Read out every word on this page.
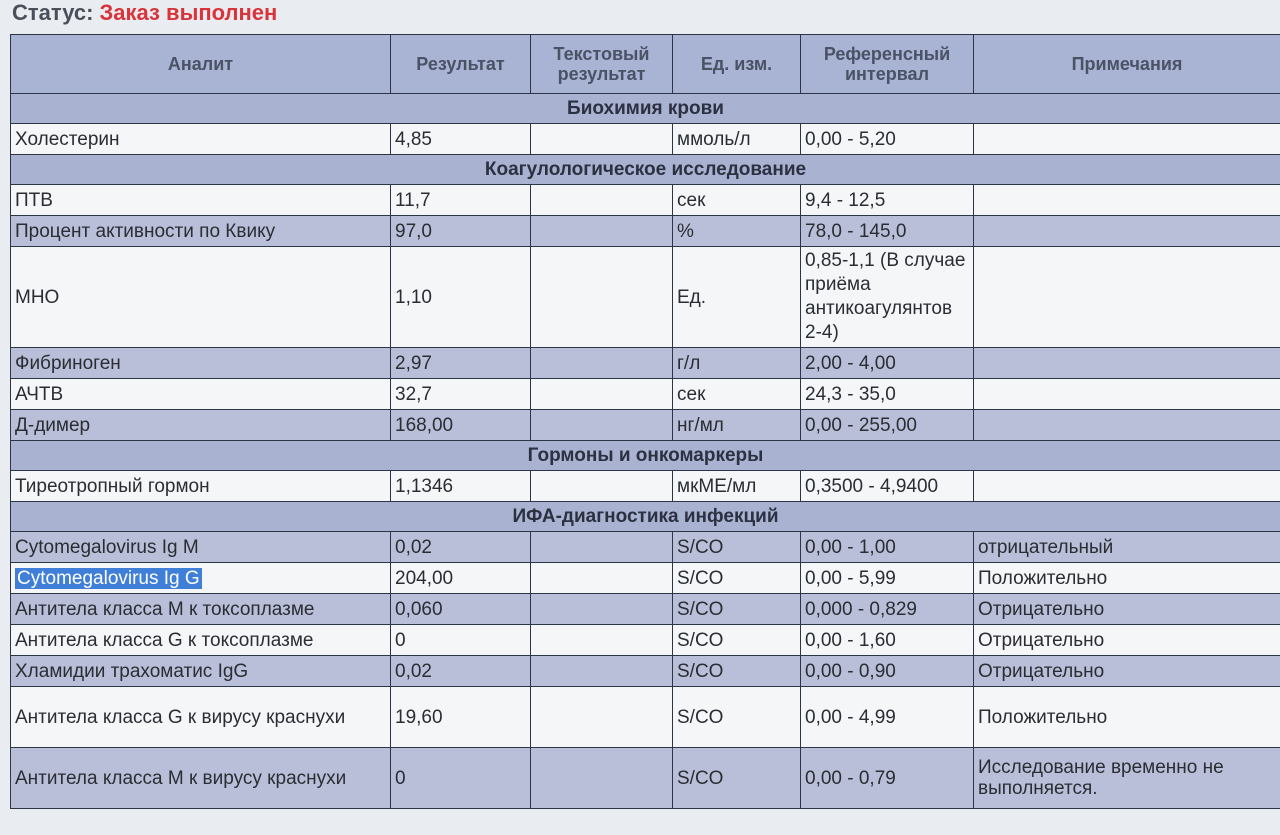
Статус: Заказ выполнен
Аналит	Результат	Текстовый результат	Ед. изм.	Референсный интервал	Примечания
Биохимия крови					
Холестерин	4,85		ммоль/л	0,00 - 5,20	
Коагулологическое исследование					
ПТВ	11,7		сек	9,4 - 12,5	
Процент активности по Квику	97,0		%	78,0 - 145,0	
МНО	1,10		Ед.	0,85-1,1 (В случае приёма антикоагулянтов 2-4)	
Фибриноген	2,97		г/л	2,00 - 4,00	
АЧТВ	32,7		сек	24,3 - 35,0	
Д-димер	168,00		нг/мл	0,00 - 255,00	
Гормоны и онкомаркеры					
Тиреотропный гормон	1,1346		мкМЕ/мл	0,3500 - 4,9400	
ИФА-диагностика инфекций					
Cytomegalovirus Ig M	0,02		S/CO	0,00 - 1,00	отрицательный
Cytomegalovirus Ig G	204,00		S/CO	0,00 - 5,99	Положительно
Антитела класса М к токсоплазме	0,060		S/CO	0,000 - 0,829	Отрицательно
Антитела класса G к токсоплазме	0		S/CO	0,00 - 1,60	Отрицательно
Хламидии трахоматис IgG	0,02		S/CO	0,00 - 0,90	Отрицательно
Антитела класса G к вирусу краснухи	19,60		S/CO	0,00 - 4,99	Положительно
Антитела класса М к вирусу краснухи	0		S/CO	0,00 - 0,79	Исследование временно не выполняется.
